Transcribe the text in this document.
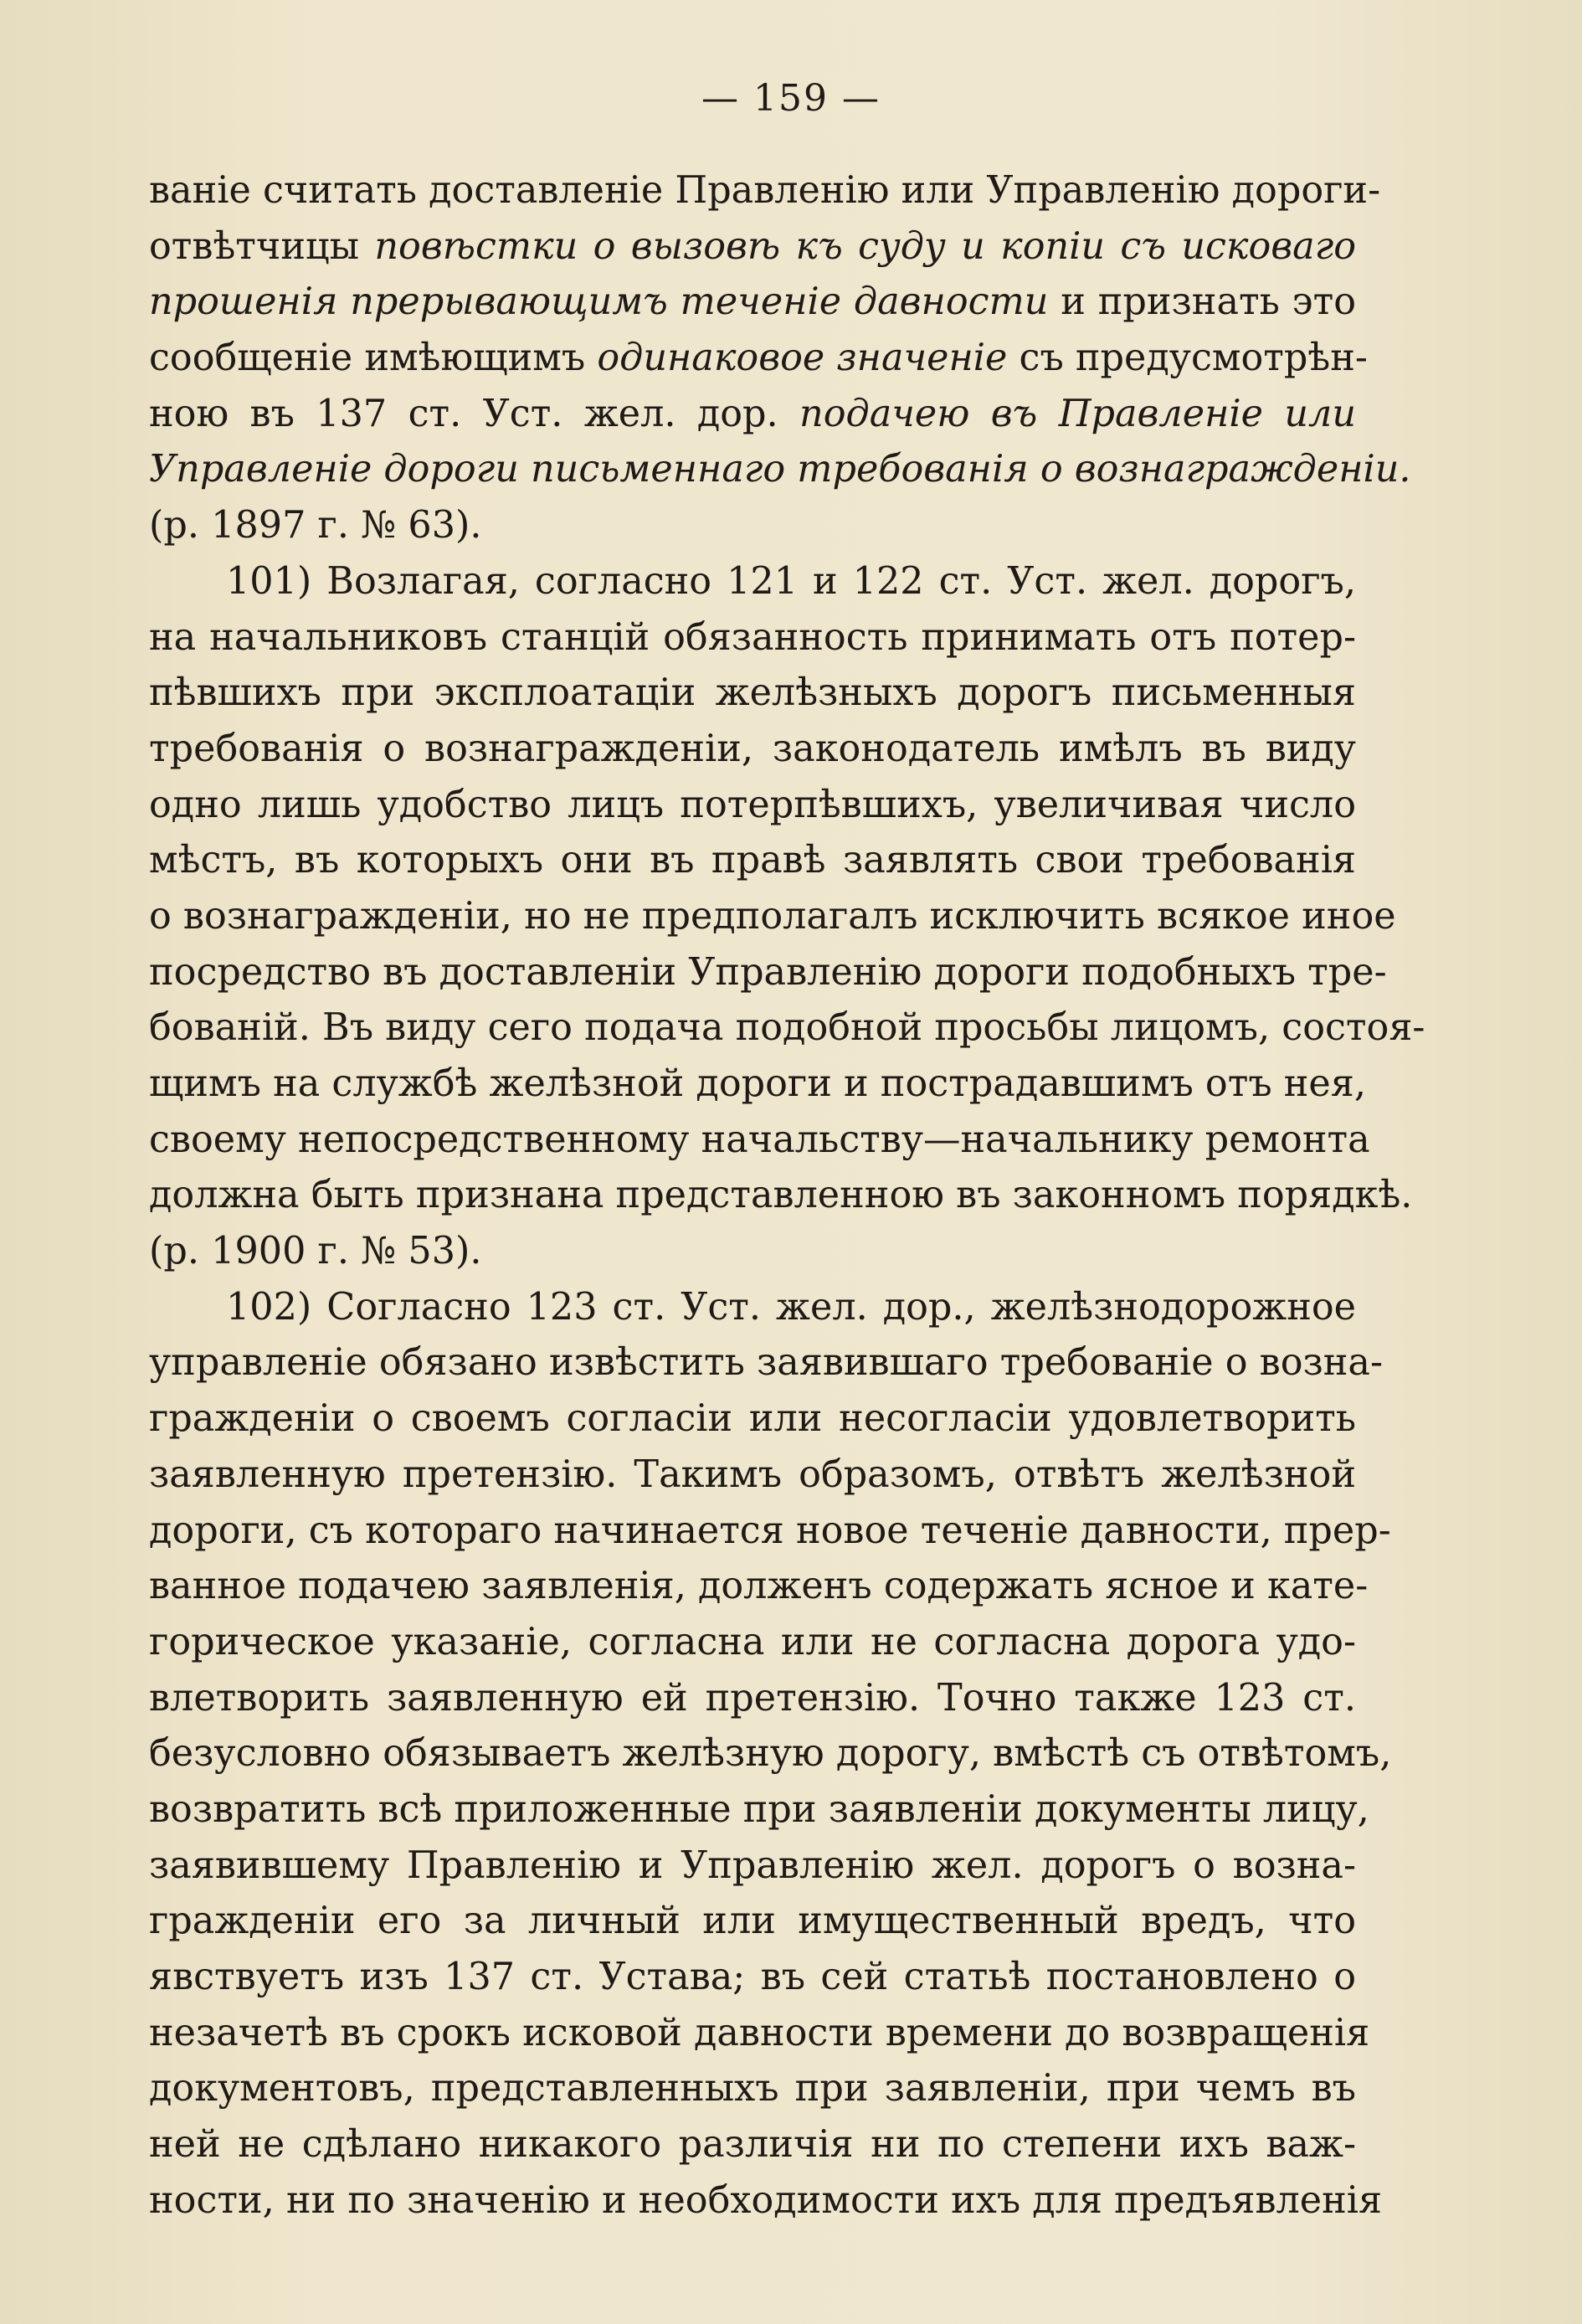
— 159 —
ваніе считать доставленіе Правленію или Управленію дороги-
отвѣтчицы повѣстки о вызовѣ къ суду и копіи съ исковаго
прошенія прерывающимъ теченіе давности и признать это
сообщеніе имѣющимъ одинаковое значеніе съ предусмотрѣн-
ною въ 137 ст. Уст. жел. дор. подачею въ Правленіе или
Управленіе дороги письменнаго требованія о вознагражденіи.
(р. 1897 г. № 63).
101) Возлагая, согласно 121 и 122 ст. Уст. жел. дорогъ,
на начальниковъ станцій обязанность принимать отъ потер-
пѣвшихъ при эксплоатаціи желѣзныхъ дорогъ письменныя
требованія о вознагражденіи, законодатель имѣлъ въ виду
одно лишь удобство лицъ потерпѣвшихъ, увеличивая число
мѣстъ, въ которыхъ они въ правѣ заявлять свои требованія
о вознагражденіи, но не предполагалъ исключить всякое иное
посредство въ доставленіи Управленію дороги подобныхъ тре-
бованій. Въ виду сего подача подобной просьбы лицомъ, состоя-
щимъ на службѣ желѣзной дороги и пострадавшимъ отъ нея,
своему непосредственному начальству—начальнику ремонта
должна быть признана представленною въ законномъ порядкѣ.
(р. 1900 г. № 53).
102) Согласно 123 ст. Уст. жел. дор., желѣзнодорожное
управленіе обязано извѣстить заявившаго требованіе о возна-
гражденіи о своемъ согласіи или несогласіи удовлетворить
заявленную претензію. Такимъ образомъ, отвѣтъ желѣзной
дороги, съ котораго начинается новое теченіе давности, прер-
ванное подачею заявленія, долженъ содержать ясное и кате-
горическое указаніе, согласна или не согласна дорога удо-
влетворить заявленную ей претензію. Точно также 123 ст.
безусловно обязываетъ желѣзную дорогу, вмѣстѣ съ отвѣтомъ,
возвратить всѣ приложенные при заявленіи документы лицу,
заявившему Правленію и Управленію жел. дорогъ о возна-
гражденіи его за личный или имущественный вредъ, что
явствуетъ изъ 137 ст. Устава; въ сей статьѣ постановлено о
незачетѣ въ срокъ исковой давности времени до возвращенія
документовъ, представленныхъ при заявленіи, при чемъ въ
ней не сдѣлано никакого различія ни по степени ихъ важ-
ности, ни по значенію и необходимости ихъ для предъявленія
